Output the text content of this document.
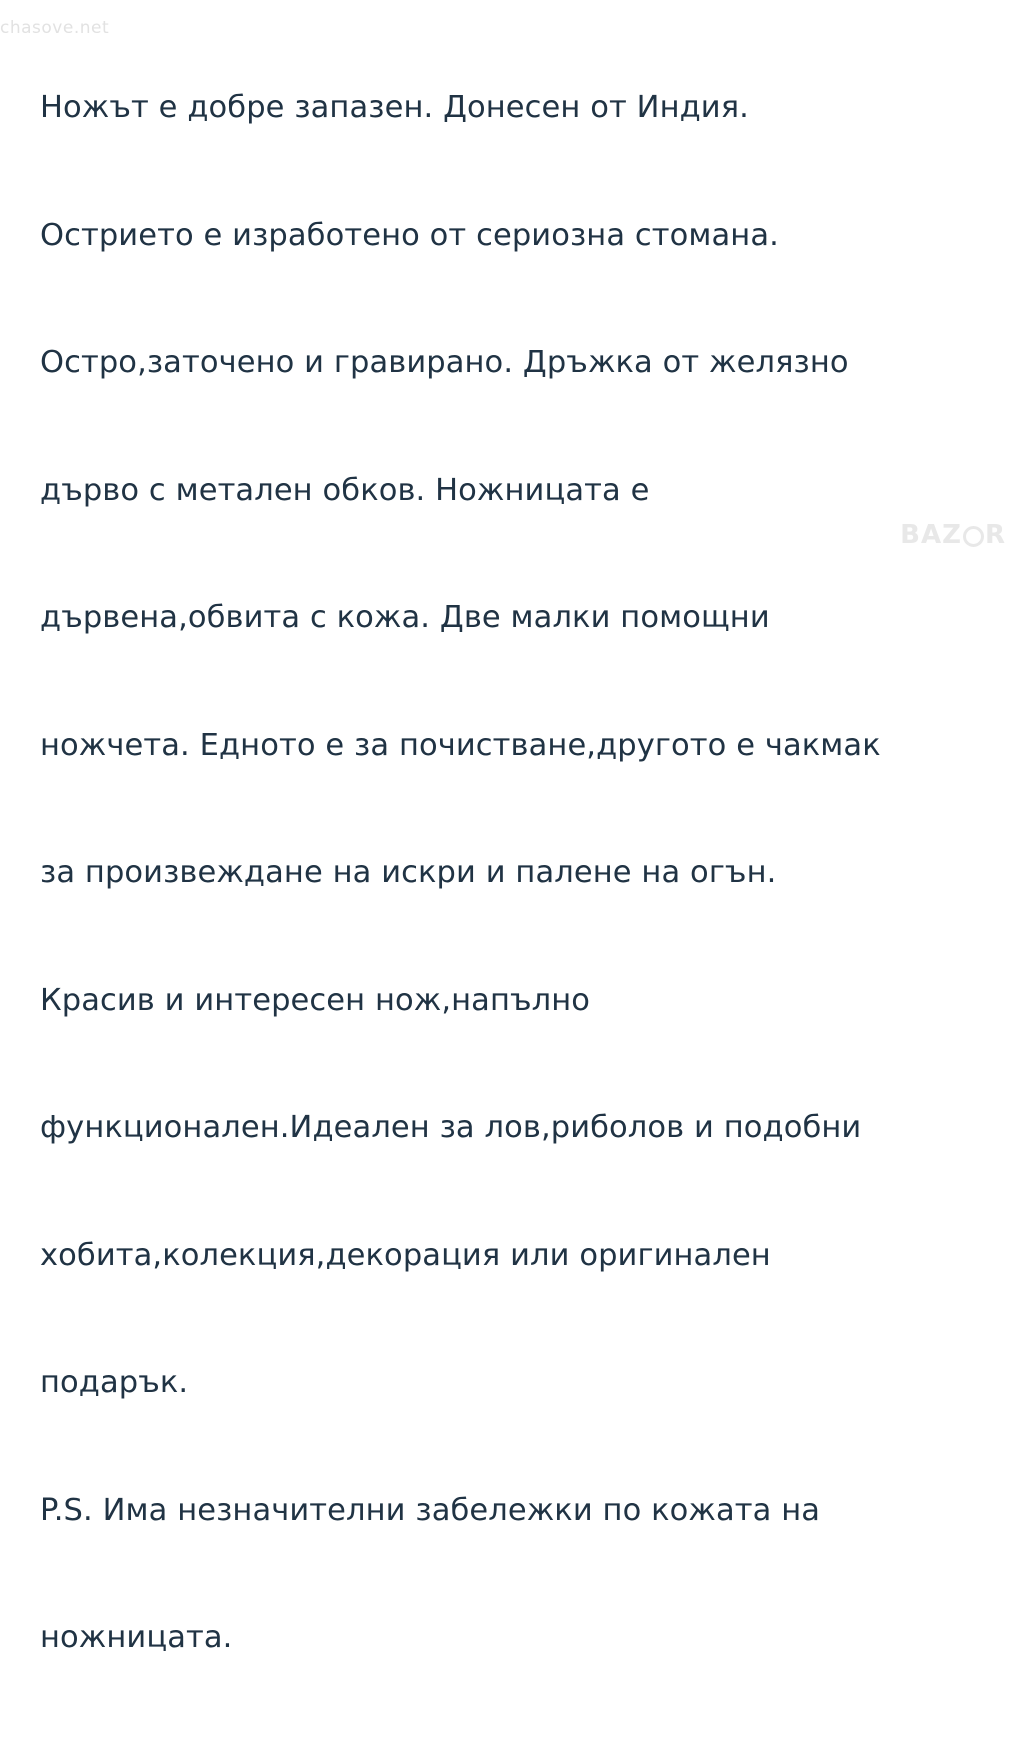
chasove.net

Ножът е добре запазен. Донесен от Индия.

Острието е изработено от сериозна стомана.

Остро,заточено и гравирано. Дръжка от желязно

дърво с метален обков. Ножницата е

дървена,обвита с кожа. Две малки помощни

ножчета. Едното е за почистване,другото е чакмак

за произвеждане на искри и палене на огън.

Красив и интересен нож,напълно

функционален.Идеален за лов,риболов и подобни

хобита,колекция,декорация или оригинален

подарък.

P.S. Има незначителни забележки по кожата на

ножницата.

BAZ R
